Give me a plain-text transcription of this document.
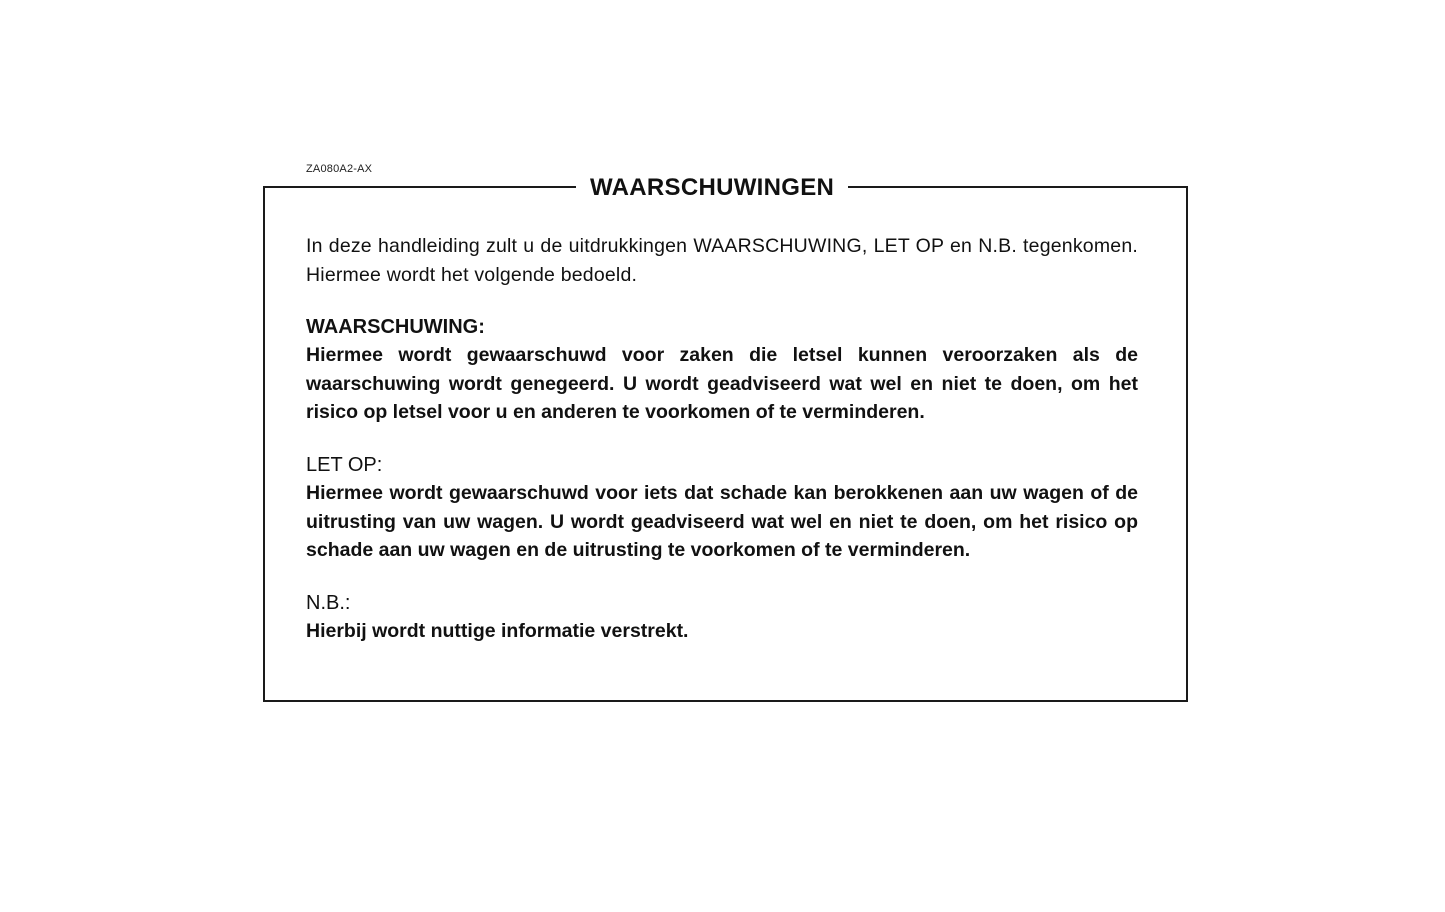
ZA080A2-AX
WAARSCHUWINGEN

In deze handleiding zult u de uitdrukkingen WAARSCHUWING, LET OP en N.B. tegenkomen. Hiermee wordt het volgende bedoeld.

WAARSCHUWING:

Hiermee wordt gewaarschuwd voor zaken die letsel kunnen veroorzaken als de waarschuwing wordt genegeerd. U wordt geadviseerd wat wel en niet te doen, om het risico op letsel voor u en anderen te voorkomen of te verminderen.

LET OP:

Hiermee wordt gewaarschuwd voor iets dat schade kan berokkenen aan uw wagen of de uitrusting van uw wagen. U wordt geadviseerd wat wel en niet te doen, om het risico op schade aan uw wagen en de uitrusting te voorkomen of te verminderen.

N.B.:

Hierbij wordt nuttige informatie verstrekt.
